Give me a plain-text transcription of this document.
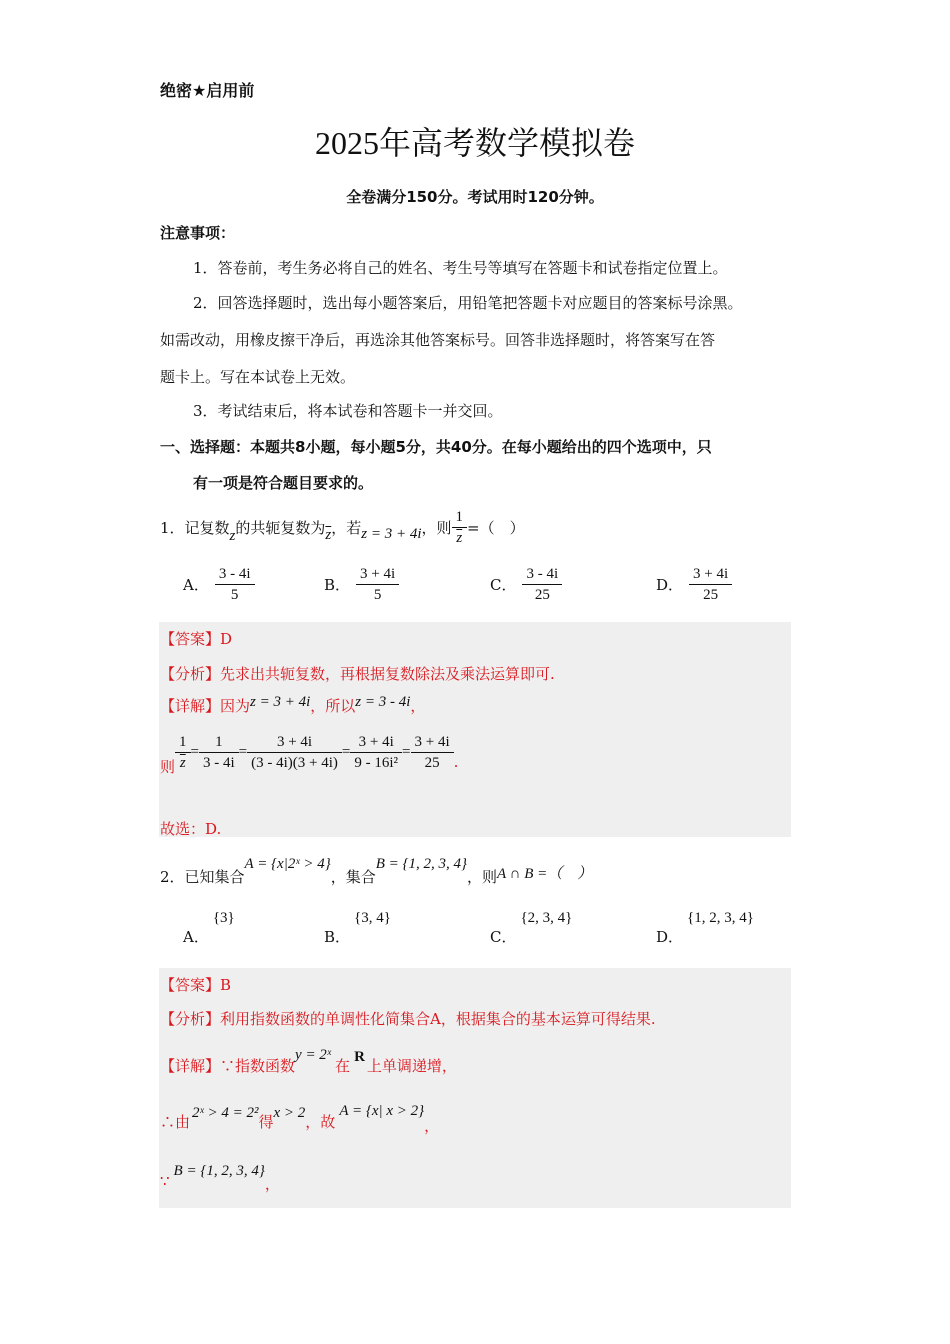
绝密★启用前
2025年高考数学模拟卷
全卷满分150分。考试用时120分钟。
注意事项：
1．答卷前，考生务必将自己的姓名、考生号等填写在答题卡和试卷指定位置上。
2．回答选择题时，选出每小题答案后，用铅笔把答题卡对应题目的答案标号涂黑。
如需改动，用橡皮擦干净后，再选涂其他答案标号。回答非选择题时，将答案写在答
题卡上。写在本试卷上无效。
3．考试结束后，将本试卷和答题卡一并交回。
一、选择题：本题共8小题，每小题5分，共40分。在每小题给出的四个选项中，只
有一项是符合题目要求的。
1．记复数 z 的共轭复数为 $\overline{z}$ ，若 z = 3 + 4i ，则 $\frac{1}{z}$ =（　）
A． $\frac{3 - 4i}{5}$	B． $\frac{3 + 4i}{5}$	C． $\frac{3 - 4i}{25}$	D． $\frac{3 + 4i}{25}$
【答案】D
【分析】先求出共轭复数，再根据复数除法及乘法运算即可.
【详解】 因为 z = 3 + 4i ，所以 z = 3 - 4i ，
则 $\frac{1}{z} = \frac{1}{3 - 4i} = \frac{3 + 4i}{(3 - 4i)(3 + 4i)} = \frac{3 + 4i}{\text{9 - 16i²}} = \frac{3 + 4i}{25}$ .
故选：D.
2．已知集合
A = {x|2ˣ > 4}
，集合
B = {1, 2, 3, 4}
，则 A ∩ B =（　）
A．
{3}
B．
{3, 4}
C．
{2, 3, 4}
D．
{1, 2, 3, 4}
【答案】B
【分析】利用指数函数的单调性化简集合A，根据集合的基本运算可得结果.
【详解】 ∵指数函数
y = 2ˣ
在 R 上单调递增，
∴由 2ˣ > 4 = 2² 得 x > 2 ，故
A = {x| x > 2}
，
∵
B = {1, 2, 3, 4}
，
